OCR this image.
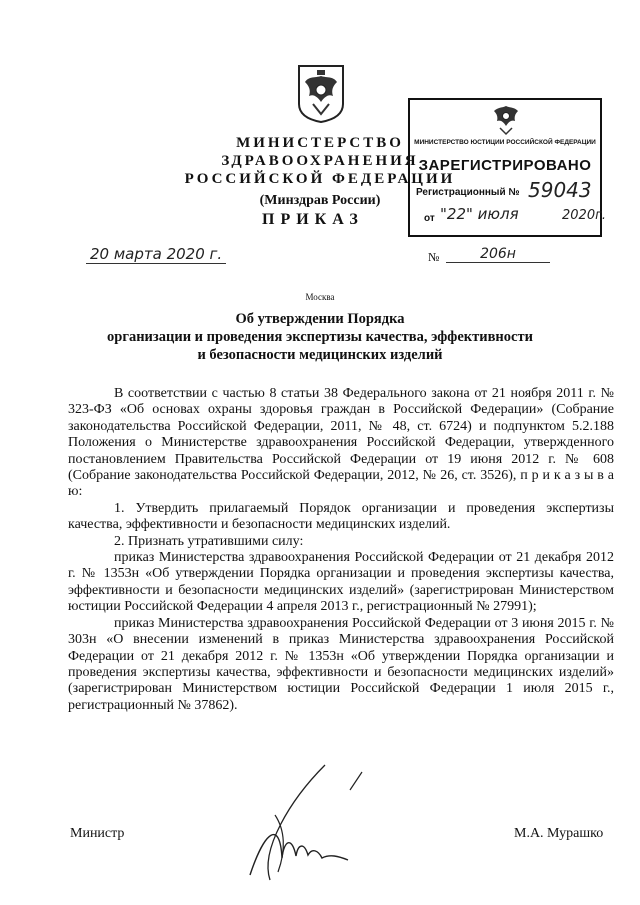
МИНИСТЕРСТВО ЗДРАВООХРАНЕНИЯ
РОССИЙСКОЙ ФЕДЕРАЦИИ
(Минздрав России)
ПРИКАЗ
20 марта 2020 г.	№	206н
Москва
Об утверждении Порядка
организации и проведения экспертизы качества, эффективности
и безопасности медицинских изделий
МИНИСТЕРСТВО ЮСТИЦИИ РОССИЙСКОЙ ФЕДЕРАЦИИ
ЗАРЕГИСТРИРОВАНО
Регистрационный № 59043
от "22" июля	2020г.

В соответствии с частью 8 статьи 38 Федерального закона от 21 ноября 2011 г. № 323-ФЗ «Об основах охраны здоровья граждан в Российской Федерации» (Собрание законодательства Российской Федерации, 2011, № 48, ст. 6724) и подпунктом 5.2.188 Положения о Министерстве здравоохранения Российской Федерации, утвержденного постановлением Правительства Российской Федерации от 19 июня 2012 г. № 608 (Собрание законодательства Российской Федерации, 2012, № 26, ст. 3526), п р и к а з ы в а ю:

1. Утвердить прилагаемый Порядок организации и проведения экспертизы качества, эффективности и безопасности медицинских изделий.

2. Признать утратившими силу:

приказ Министерства здравоохранения Российской Федерации от 21 декабря 2012 г. № 1353н «Об утверждении Порядка организации и проведения экспертизы качества, эффективности и безопасности медицинских изделий» (зарегистрирован Министерством юстиции Российской Федерации 4 апреля 2013 г., регистрационный № 27991);

приказ Министерства здравоохранения Российской Федерации от 3 июня 2015 г. № 303н «О внесении изменений в приказ Министерства здравоохранения Российской Федерации от 21 декабря 2012 г. № 1353н «Об утверждении Порядка организации и проведения экспертизы качества, эффективности и безопасности медицинских изделий» (зарегистрирован Министерством юстиции Российской Федерации 1 июля 2015 г., регистрационный № 37862).

Министр	М.А. Мурашко
